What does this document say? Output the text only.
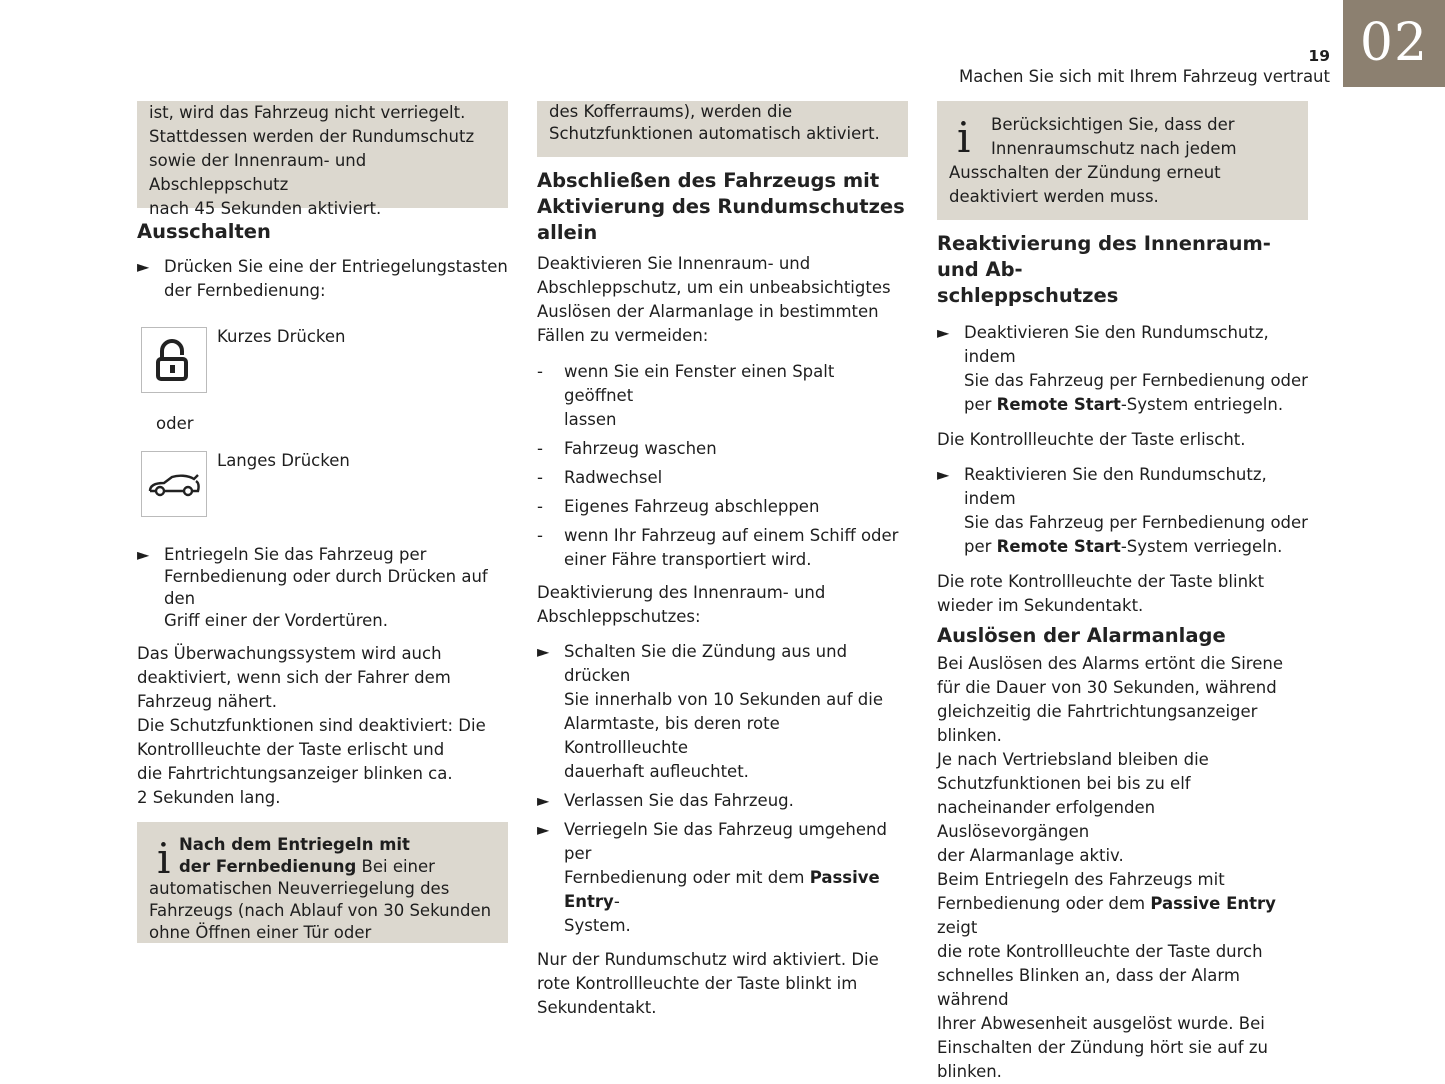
02
19
Machen Sie sich mit Ihrem Fahrzeug vertraut

ist, wird das Fahrzeug nicht verriegelt.

Stattdessen werden der Rundumschutz

sowie der Innenraum- und Abschleppschutz

nach 45 Sekunden aktiviert.

Ausschalten
► Drücken Sie eine der Entriegelungstasten

der Fernbedienung:

Kurzes Drücken

oder

Langes Drücken
► Entriegeln Sie das Fahrzeug per

Fernbedienung oder durch Drücken auf den

Griff einer der Vordertüren.

Das Überwachungssystem wird auch

deaktiviert, wenn sich der Fahrer dem

Fahrzeug nähert.

Die Schutzfunktionen sind deaktiviert: Die

Kontrollleuchte der Taste erlischt und

die Fahrtrichtungsanzeiger blinken ca.

2 Sekunden lang.

i Nach dem Entriegeln mit

der Fernbedienung Bei einer

automatischen Neuverriegelung des

Fahrzeugs (nach Ablauf von 30 Sekunden

ohne Öffnen einer Tür oder

des Kofferraums), werden die

Schutzfunktionen automatisch aktiviert.

Abschließen des Fahrzeugs mit
Aktivierung des Rundumschutzes
allein

Deaktivieren Sie Innenraum- und

Abschleppschutz, um ein unbeabsichtigtes

Auslösen der Alarmanlage in bestimmten

Fällen zu vermeiden:

- wenn Sie ein Fenster einen Spalt geöffnet

lassen

- Fahrzeug waschen

- Radwechsel

- Eigenes Fahrzeug abschleppen

- wenn Ihr Fahrzeug auf einem Schiff oder

einer Fähre transportiert wird.

Deaktivierung des Innenraum- und

Abschleppschutzes:

► Schalten Sie die Zündung aus und drücken

Sie innerhalb von 10 Sekunden auf die

Alarmtaste, bis deren rote Kontrollleuchte

dauerhaft aufleuchtet.

► Verlassen Sie das Fahrzeug.

► Verriegeln Sie das Fahrzeug umgehend per

Fernbedienung oder mit dem Passive Entry-

System.

Nur der Rundumschutz wird aktiviert. Die

rote Kontrollleuchte der Taste blinkt im

Sekundentakt.

i	Berücksichtigen Sie, dass der

Innenraumschutz nach jedem

Ausschalten der Zündung erneut

deaktiviert werden muss.

Reaktivierung des Innenraum- und Ab-
schleppschutzes
► Deaktivieren Sie den Rundumschutz, indem

Sie das Fahrzeug per Fernbedienung oder

per Remote Start-System entriegeln.

Die Kontrollleuchte der Taste erlischt.

► Reaktivieren Sie den Rundumschutz, indem

Sie das Fahrzeug per Fernbedienung oder

per Remote Start-System verriegeln.

Die rote Kontrollleuchte der Taste blinkt

wieder im Sekundentakt.

Auslösen der Alarmanlage

Bei Auslösen des Alarms ertönt die Sirene

für die Dauer von 30 Sekunden, während

gleichzeitig die Fahrtrichtungsanzeiger

blinken.

Je nach Vertriebsland bleiben die

Schutzfunktionen bei bis zu elf

nacheinander erfolgenden Auslösevorgängen

der Alarmanlage aktiv.

Beim Entriegeln des Fahrzeugs mit

Fernbedienung oder dem Passive Entry zeigt

die rote Kontrollleuchte der Taste durch

schnelles Blinken an, dass der Alarm während

Ihrer Abwesenheit ausgelöst wurde. Bei

Einschalten der Zündung hört sie auf zu

blinken.
